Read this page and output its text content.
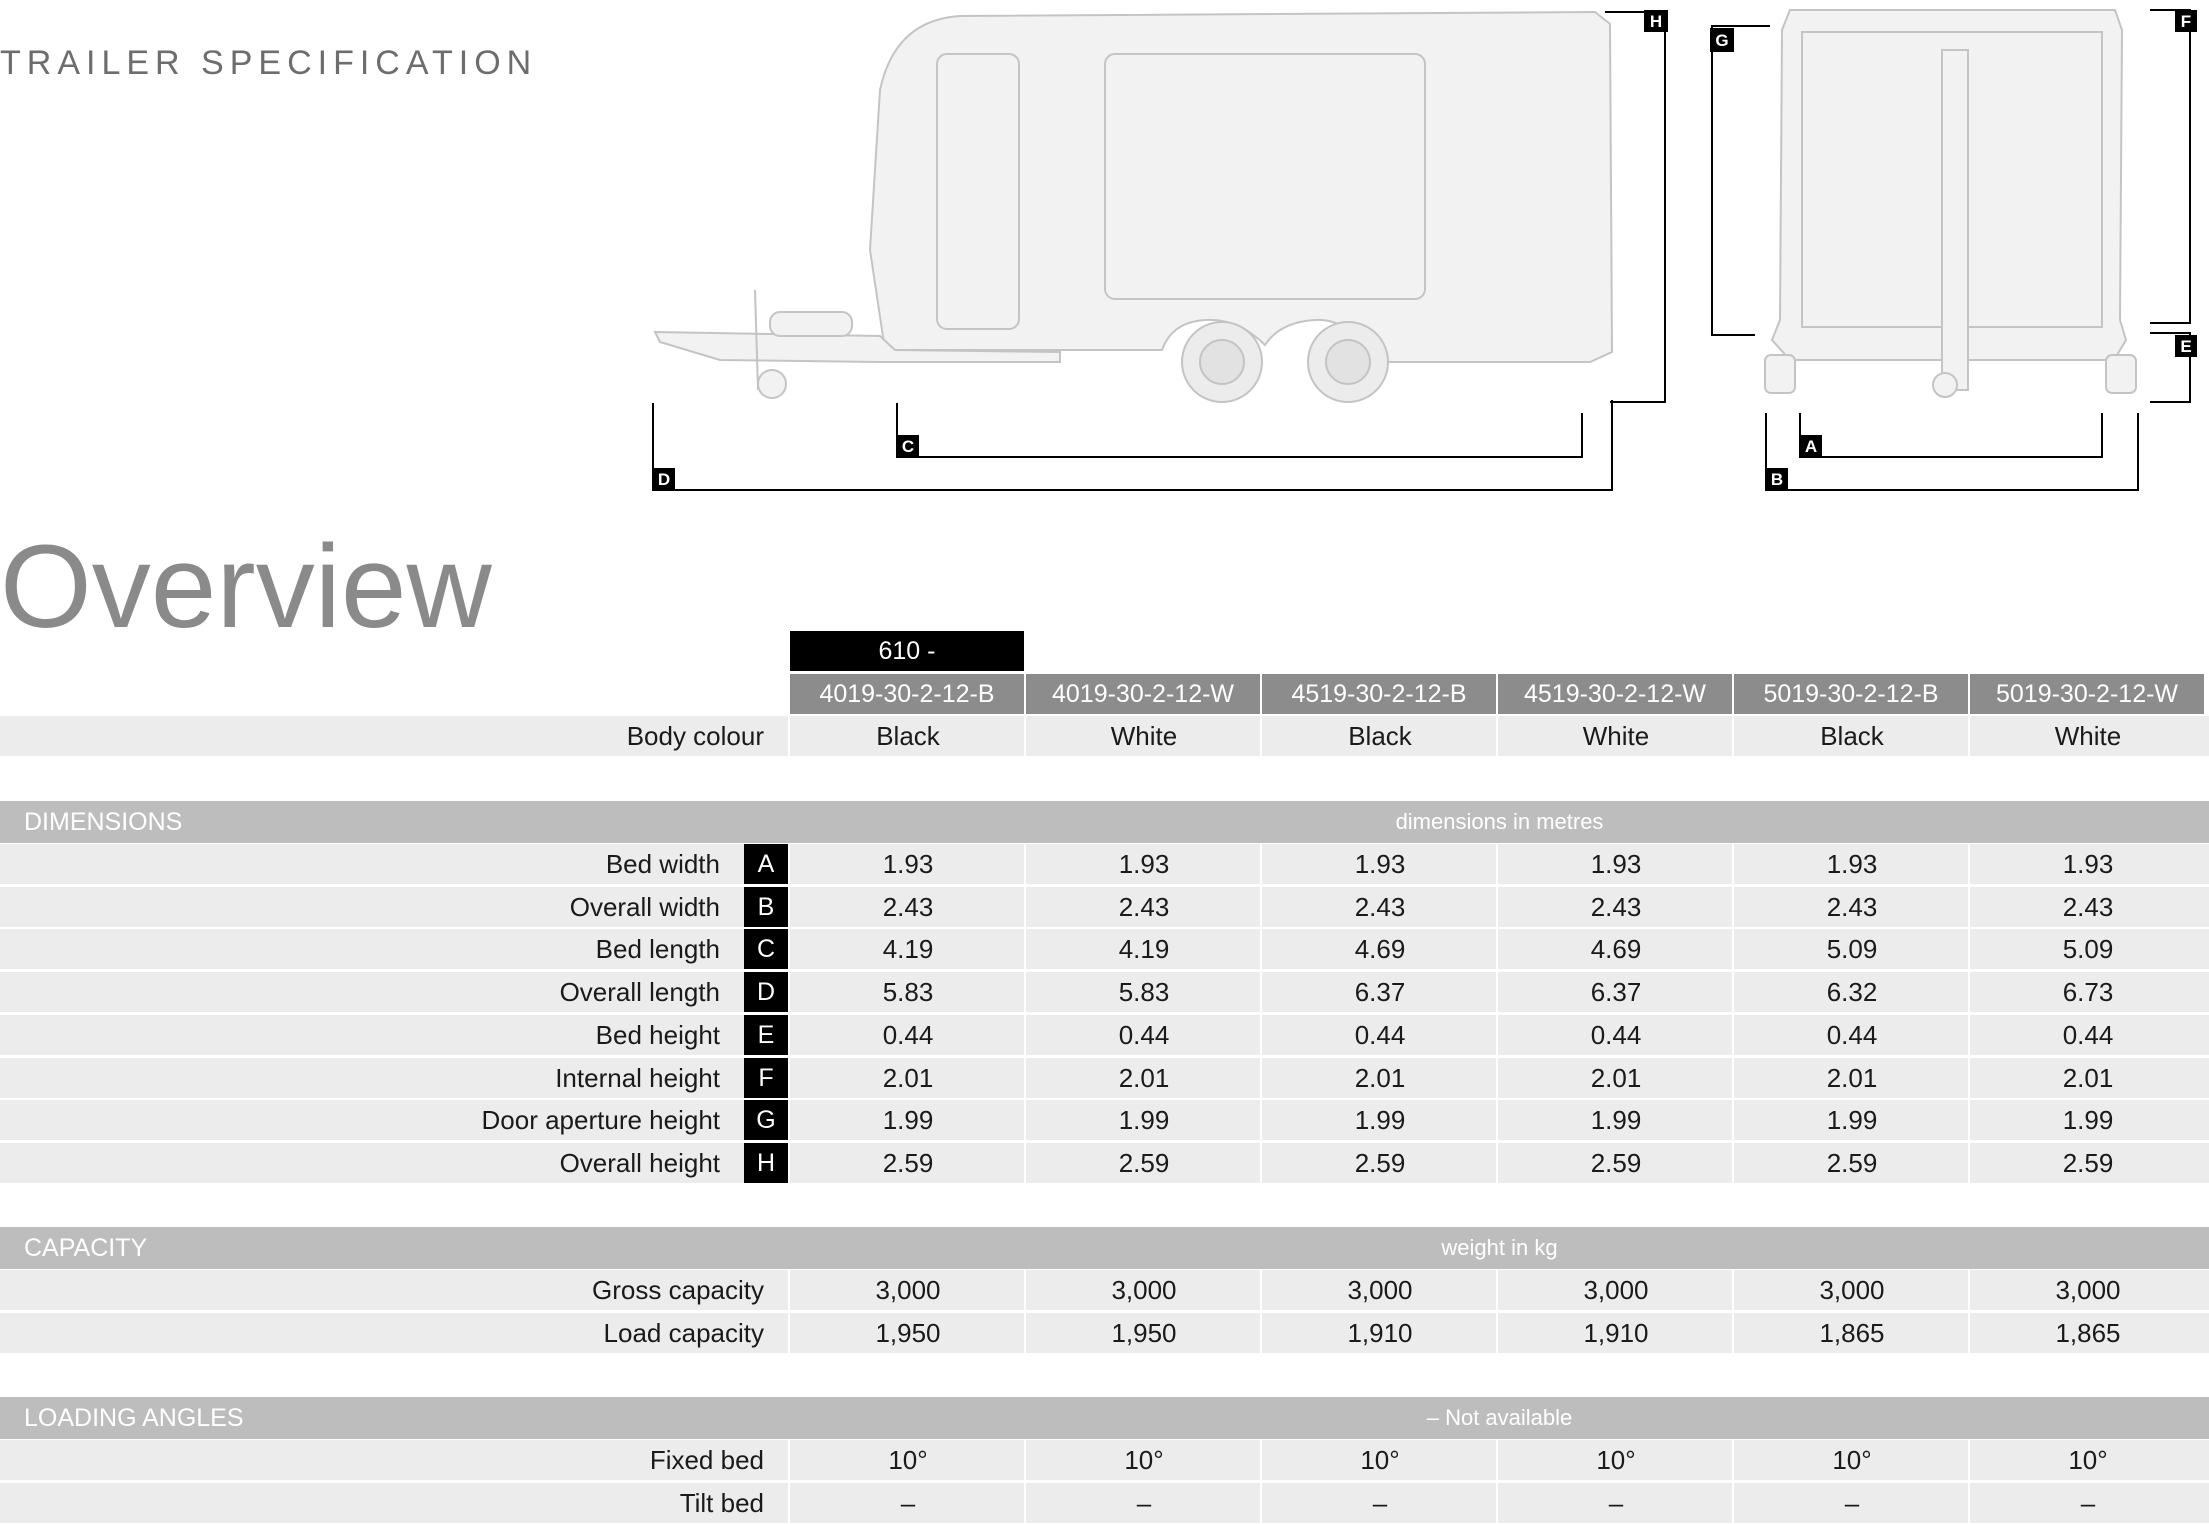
TRAILER SPECIFICATION
H
C
D
G
F
E
A
B
Overview	610 -
4019-30-2-12-B	4019-30-2-12-W	4519-30-2-12-B	4519-30-2-12-W	5019-30-2-12-B	5019-30-2-12-W
Body colour	Black	White	Black	White	Black	White
DIMENSIONS	dimensions in metres
Bed width	A	1.93	1.93	1.93	1.93	1.93	1.93
Overall width	B	2.43	2.43	2.43	2.43	2.43	2.43
Bed length	C	4.19	4.19	4.69	4.69	5.09	5.09
Overall length	D	5.83	5.83	6.37	6.37	6.32	6.73
Bed height	E	0.44	0.44	0.44	0.44	0.44	0.44
Internal height	F	2.01	2.01	2.01	2.01	2.01	2.01
Door aperture height	G	1.99	1.99	1.99	1.99	1.99	1.99
Overall height	H	2.59	2.59	2.59	2.59	2.59	2.59
CAPACITY	weight in kg
Gross capacity	3,000	3,000	3,000	3,000	3,000	3,000
Load capacity	1,950	1,950	1,910	1,910	1,865	1,865
LOADING ANGLES	– Not available
Fixed bed	10°	10°	10°	10°	10°	10°
Tilt bed	–	–	–	–	–	–
